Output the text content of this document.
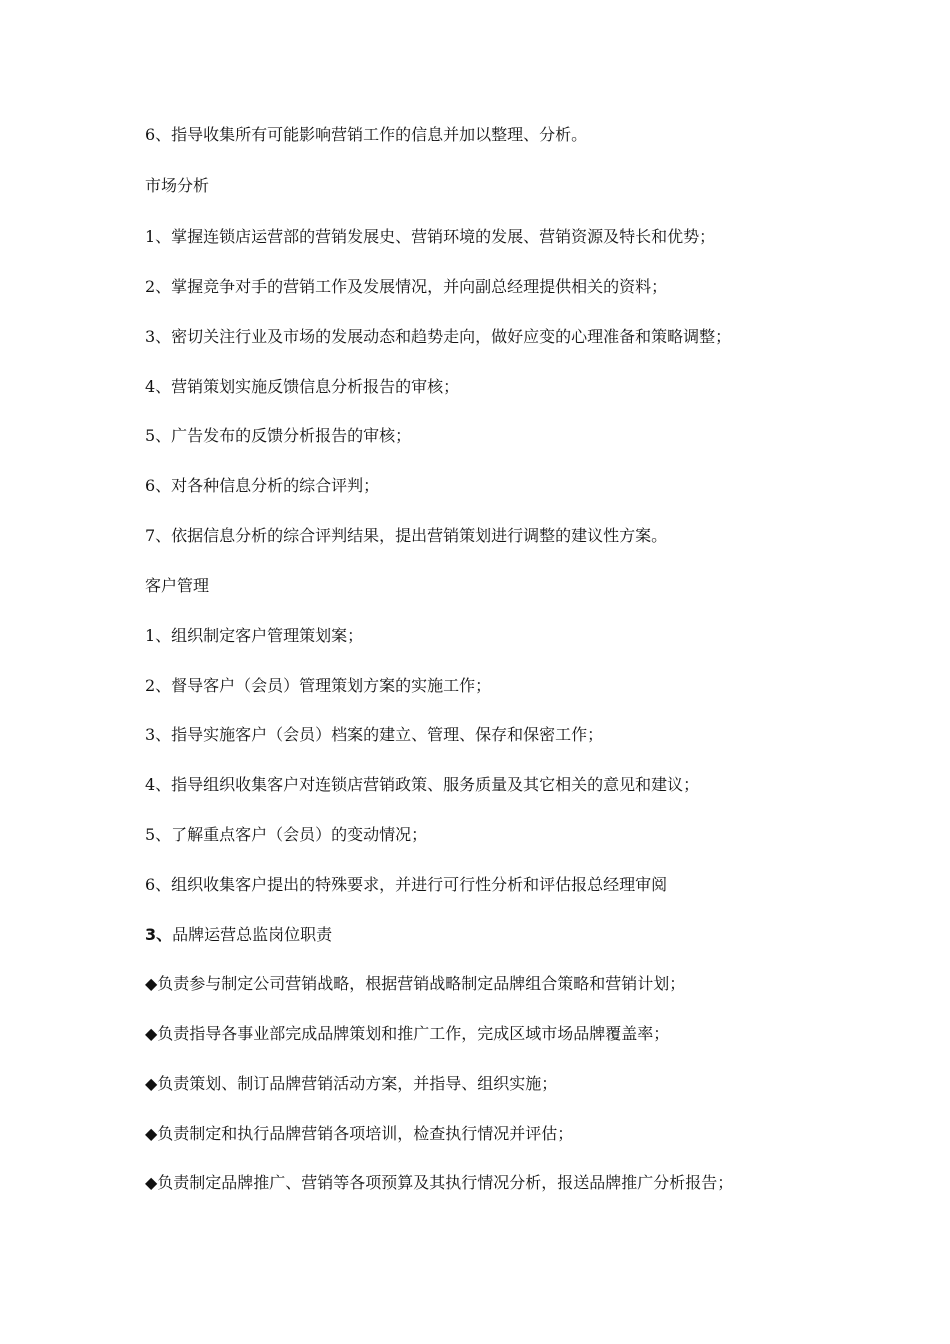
6、指导收集所有可能影响营销工作的信息并加以整理、分析。
市场分析
1、掌握连锁店运营部的营销发展史、营销环境的发展、营销资源及特长和优势；
2、掌握竞争对手的营销工作及发展情况，并向副总经理提供相关的资料；
3、密切关注行业及市场的发展动态和趋势走向，做好应变的心理准备和策略调整；
4、营销策划实施反馈信息分析报告的审核；
5、广告发布的反馈分析报告的审核；
6、对各种信息分析的综合评判；
7、依据信息分析的综合评判结果，提出营销策划进行调整的建议性方案。
客户管理
1、组织制定客户管理策划案；
2、督导客户（会员）管理策划方案的实施工作；
3、指导实施客户（会员）档案的建立、管理、保存和保密工作；
4、指导组织收集客户对连锁店营销政策、服务质量及其它相关的意见和建议；
5、了解重点客户（会员）的变动情况；
6、组织收集客户提出的特殊要求，并进行可行性分析和评估报总经理审阅
3、品牌运营总监岗位职责
◆负责参与制定公司营销战略，根据营销战略制定品牌组合策略和营销计划；
◆负责指导各事业部完成品牌策划和推广工作，完成区域市场品牌覆盖率；
◆负责策划、制订品牌营销活动方案，并指导、组织实施；
◆负责制定和执行品牌营销各项培训，检查执行情况并评估；
◆负责制定品牌推广、营销等各项预算及其执行情况分析，报送品牌推广分析报告；
